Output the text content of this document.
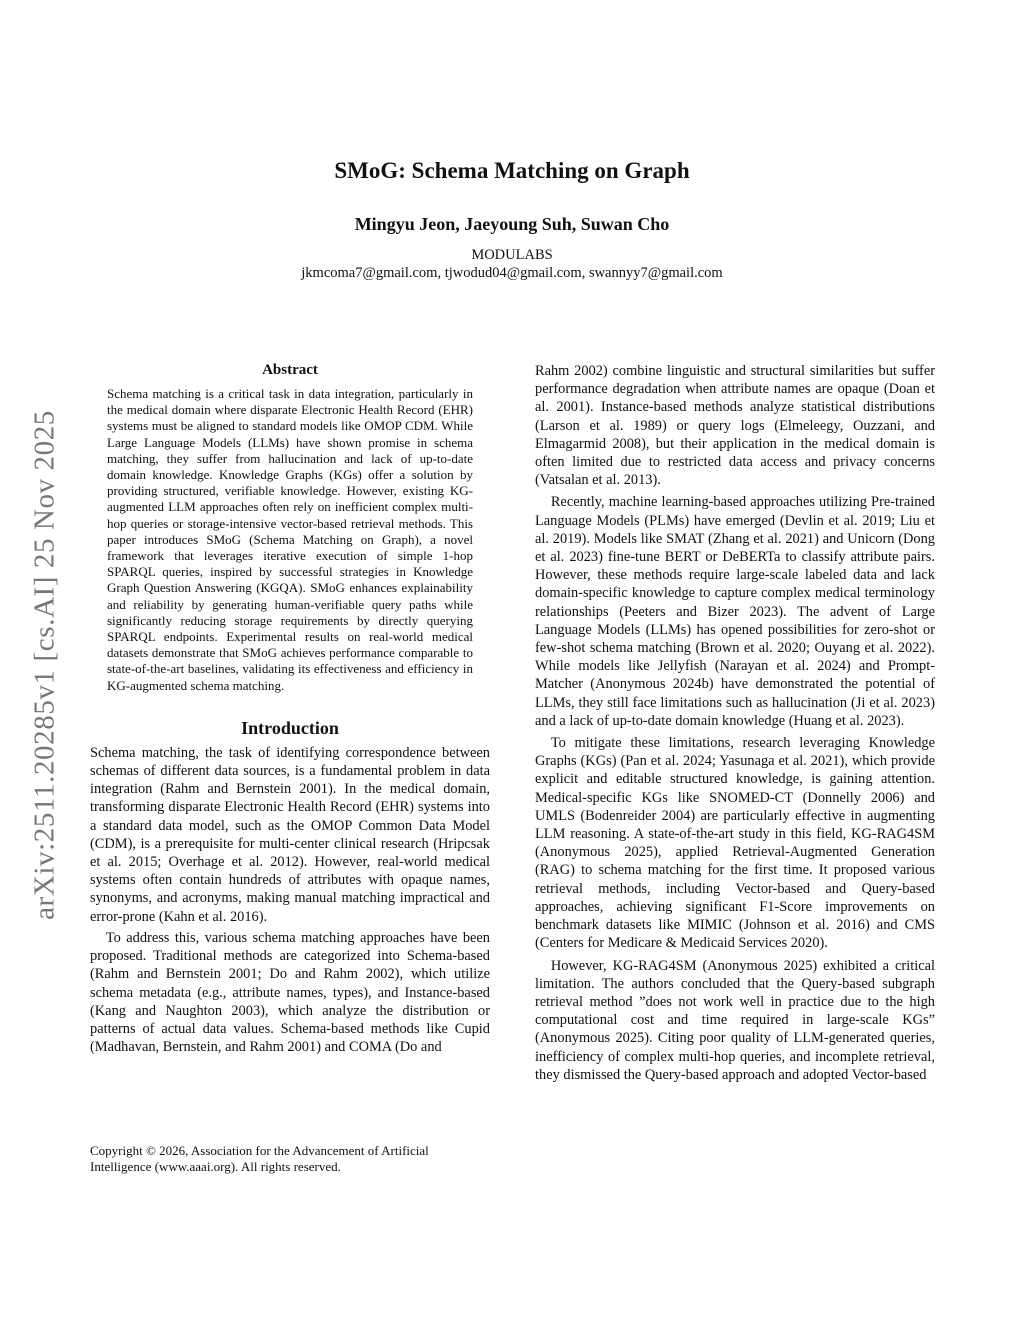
SMoG: Schema Matching on Graph
Mingyu Jeon, Jaeyoung Suh, Suwan Cho
MODULABS
jkmcoma7@gmail.com, tjwodud04@gmail.com, swannyy7@gmail.com
arXiv:2511.20285v1 [cs.AI] 25 Nov 2025
Abstract

Schema matching is a critical task in data integration, particularly in the medical domain where disparate Electronic Health Record (EHR) systems must be aligned to standard models like OMOP CDM. While Large Language Models (LLMs) have shown promise in schema matching, they suffer from hallucination and lack of up-to-date domain knowledge. Knowledge Graphs (KGs) offer a solution by providing structured, verifiable knowledge. However, existing KG-augmented LLM approaches often rely on inefficient complex multi-hop queries or storage-intensive vector-based retrieval methods. This paper introduces SMoG (Schema Matching on Graph), a novel framework that leverages iterative execution of simple 1-hop SPARQL queries, inspired by successful strategies in Knowledge Graph Question Answering (KGQA). SMoG enhances explainability and reliability by generating human-verifiable query paths while significantly reducing storage requirements by directly querying SPARQL endpoints. Experimental results on real-world medical datasets demonstrate that SMoG achieves performance comparable to state-of-the-art baselines, validating its effectiveness and efficiency in KG-augmented schema matching.

Introduction

Schema matching, the task of identifying correspondence between schemas of different data sources, is a fundamental problem in data integration (Rahm and Bernstein 2001). In the medical domain, transforming disparate Electronic Health Record (EHR) systems into a standard data model, such as the OMOP Common Data Model (CDM), is a prerequisite for multi-center clinical research (Hripcsak et al. 2015; Overhage et al. 2012). However, real-world medical systems often contain hundreds of attributes with opaque names, synonyms, and acronyms, making manual matching impractical and error-prone (Kahn et al. 2016).

To address this, various schema matching approaches have been proposed. Traditional methods are categorized into Schema-based (Rahm and Bernstein 2001; Do and Rahm 2002), which utilize schema metadata (e.g., attribute names, types), and Instance-based (Kang and Naughton 2003), which analyze the distribution or patterns of actual data values. Schema-based methods like Cupid (Madhavan, Bernstein, and Rahm 2001) and COMA (Do and

Copyright © 2026, Association for the Advancement of Artificial Intelligence (www.aaai.org). All rights reserved.

Rahm 2002) combine linguistic and structural similarities but suffer performance degradation when attribute names are opaque (Doan et al. 2001). Instance-based methods analyze statistical distributions (Larson et al. 1989) or query logs (Elmeleegy, Ouzzani, and Elmagarmid 2008), but their application in the medical domain is often limited due to restricted data access and privacy concerns (Vatsalan et al. 2013).

Recently, machine learning-based approaches utilizing Pre-trained Language Models (PLMs) have emerged (Devlin et al. 2019; Liu et al. 2019). Models like SMAT (Zhang et al. 2021) and Unicorn (Dong et al. 2023) fine-tune BERT or DeBERTa to classify attribute pairs. However, these methods require large-scale labeled data and lack domain-specific knowledge to capture complex medical terminology relationships (Peeters and Bizer 2023). The advent of Large Language Models (LLMs) has opened possibilities for zero-shot or few-shot schema matching (Brown et al. 2020; Ouyang et al. 2022). While models like Jellyfish (Narayan et al. 2024) and Prompt-Matcher (Anonymous 2024b) have demonstrated the potential of LLMs, they still face limitations such as hallucination (Ji et al. 2023) and a lack of up-to-date domain knowledge (Huang et al. 2023).

To mitigate these limitations, research leveraging Knowledge Graphs (KGs) (Pan et al. 2024; Yasunaga et al. 2021), which provide explicit and editable structured knowledge, is gaining attention. Medical-specific KGs like SNOMED-CT (Donnelly 2006) and UMLS (Bodenreider 2004) are particularly effective in augmenting LLM reasoning. A state-of-the-art study in this field, KG-RAG4SM (Anonymous 2025), applied Retrieval-Augmented Generation (RAG) to schema matching for the first time. It proposed various retrieval methods, including Vector-based and Query-based approaches, achieving significant F1-Score improvements on benchmark datasets like MIMIC (Johnson et al. 2016) and CMS (Centers for Medicare & Medicaid Services 2020).

However, KG-RAG4SM (Anonymous 2025) exhibited a critical limitation. The authors concluded that the Query-based subgraph retrieval method ”does not work well in practice due to the high computational cost and time required in large-scale KGs” (Anonymous 2025). Citing poor quality of LLM-generated queries, inefficiency of complex multi-hop queries, and incomplete retrieval, they dismissed the Query-based approach and adopted Vector-based
